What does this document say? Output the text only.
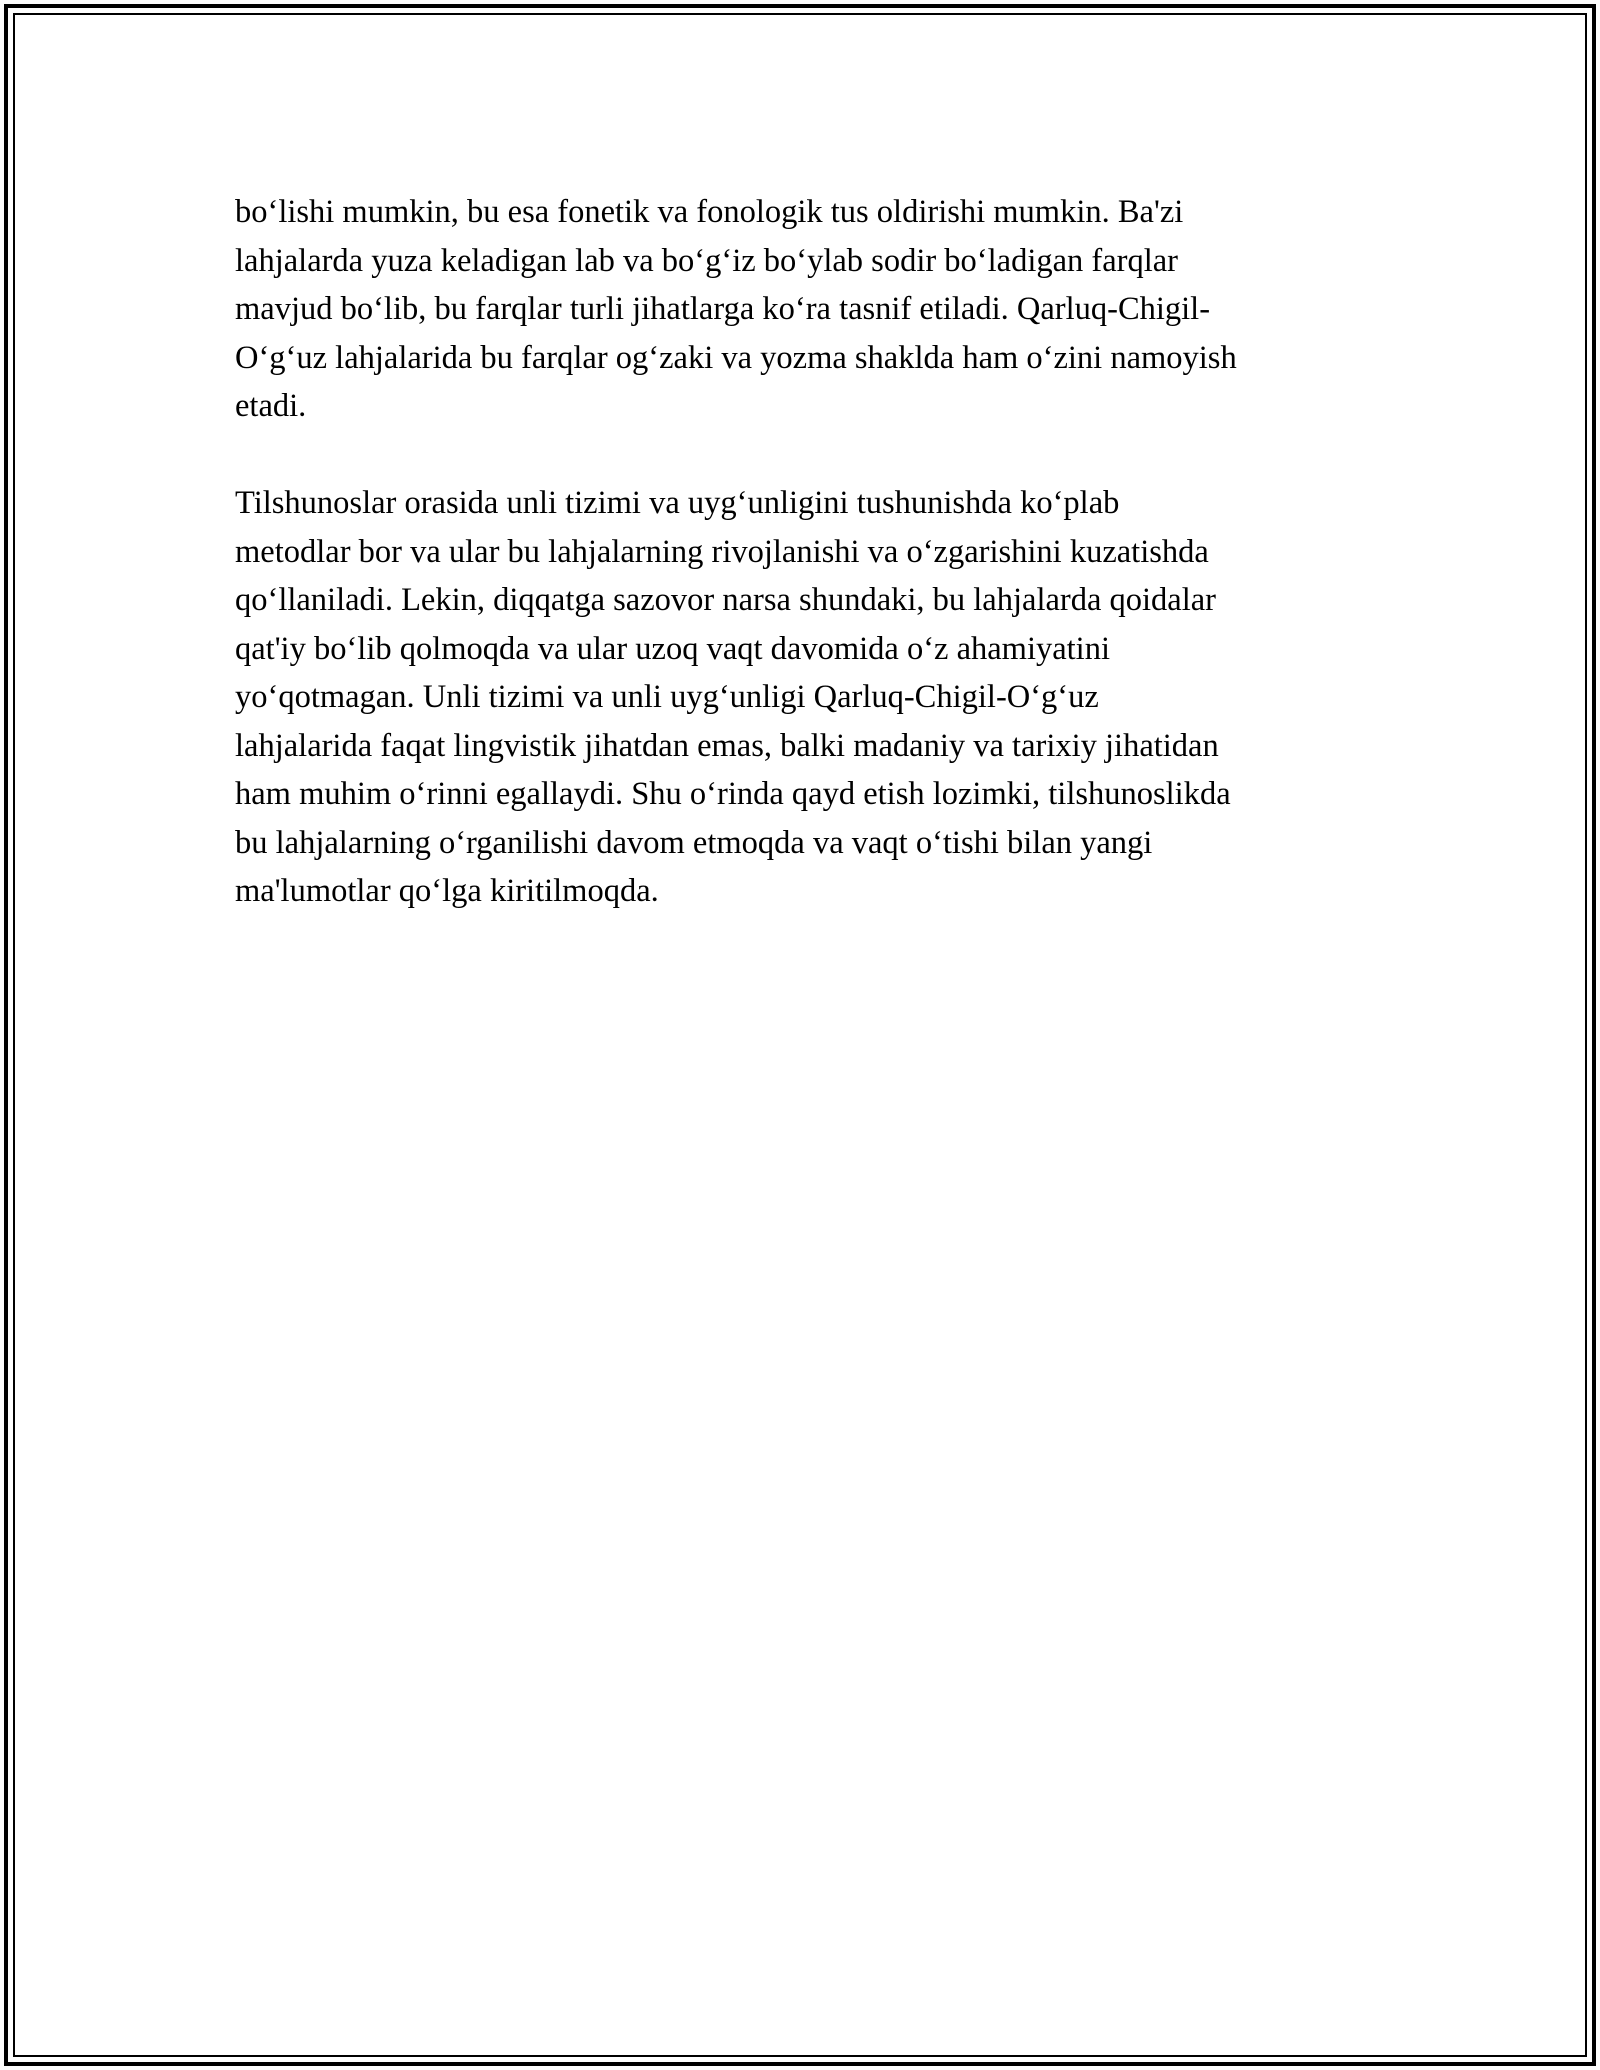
bo‘lishi mumkin, bu esa fonetik va fonologik tus oldirishi mumkin. Ba'zi
lahjalarda yuza keladigan lab va bo‘g‘iz bo‘ylab sodir bo‘ladigan farqlar
mavjud bo‘lib, bu farqlar turli jihatlarga ko‘ra tasnif etiladi. Qarluq-Chigil-
O‘g‘uz lahjalarida bu farqlar og‘zaki va yozma shakldа ham o‘zini namoyish
etadi.

Tilshunoslar orasida unli tizimi va uyg‘unligini tushunishda ko‘plab
metodlar bor va ular bu lahjalarning rivojlanishi va o‘zgarishini kuzatishda
qo‘llaniladi. Lekin, diqqatga sazovor narsa shundaki, bu lahjalarda qoidalar
qat'iy bo‘lib qolmoqda va ular uzoq vaqt davomida o‘z ahamiyatini
yo‘qotmagan. Unli tizimi va unli uyg‘unligi Qarluq-Chigil-O‘g‘uz
lahjalarida faqat lingvistik jihatdan emas, balki madaniy va tarixiy jihatidan
ham muhim o‘rinni egallaydi. Shu o‘rinda qayd etish lozimki, tilshunoslikda
bu lahjalarning o‘rganilishi davom etmoqda va vaqt o‘tishi bilan yangi
ma'lumotlar qo‘lga kiritilmoqda.
